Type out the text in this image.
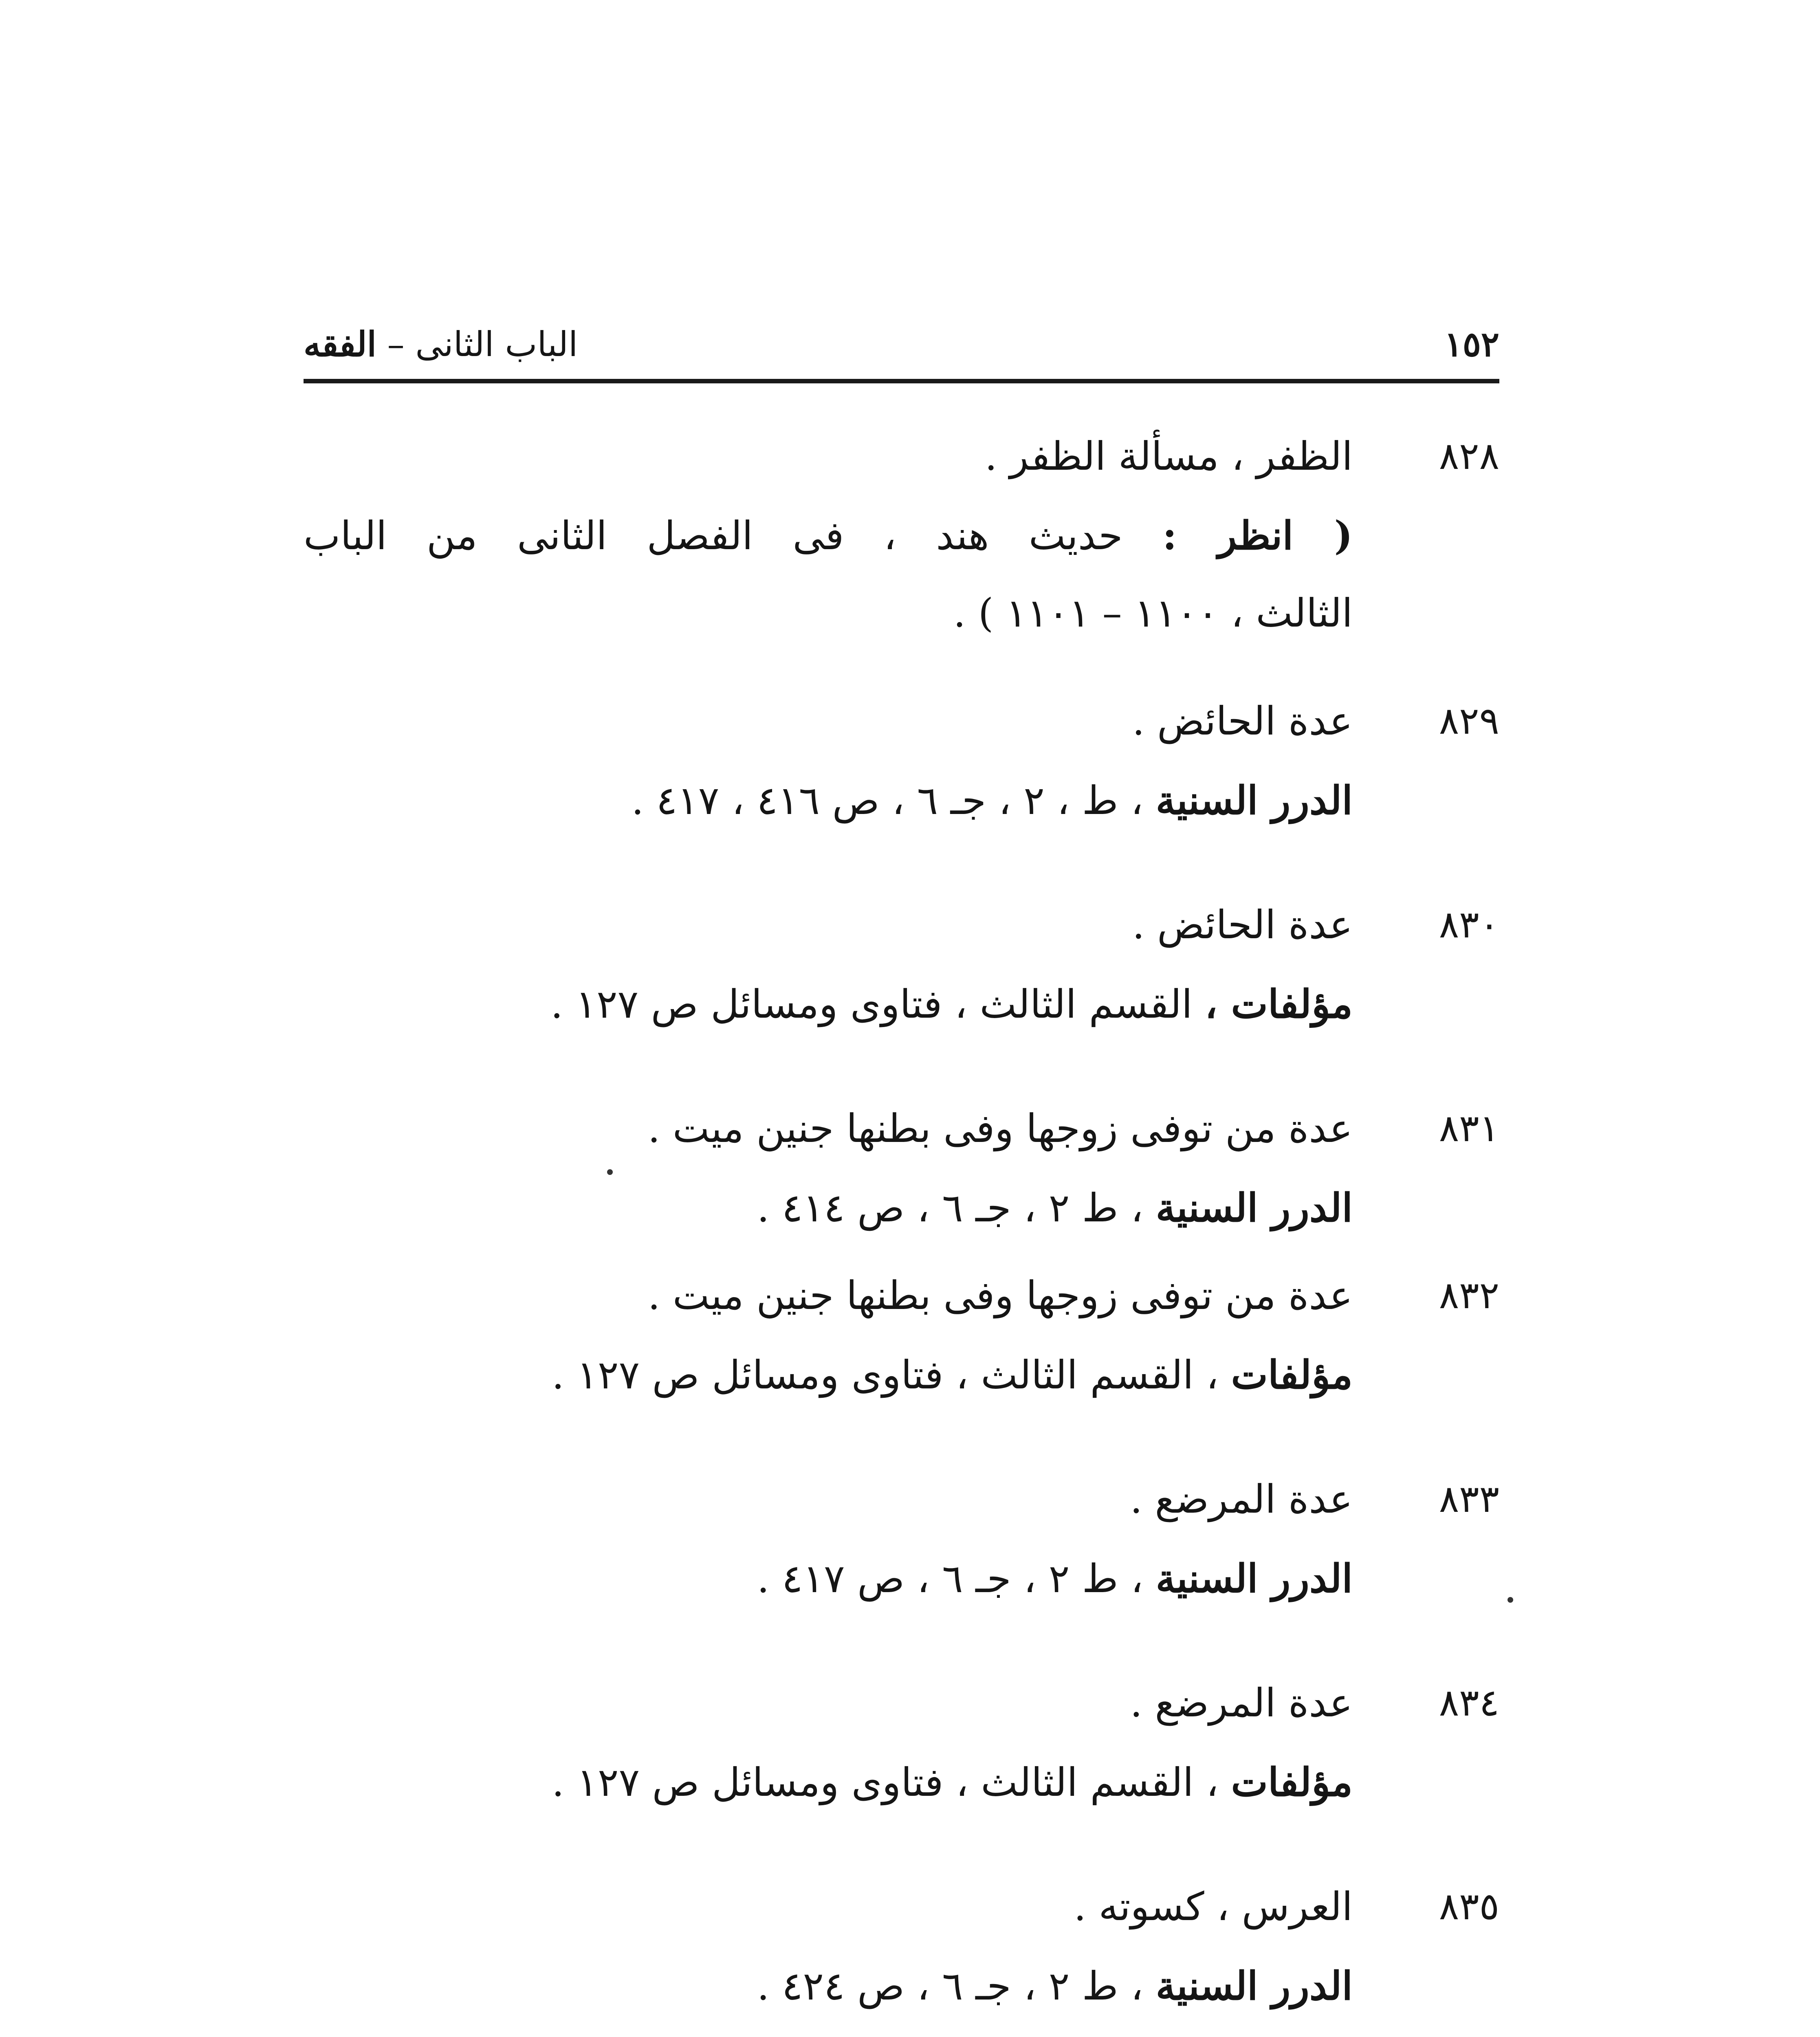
١٥٢
الباب الثانى – الفقه
٨٢٨
الظفر ، مسألة الظفر .
( انظر : حديث هند ، فى الفصل الثانى من الباب
الثالث ، ١١٠٠ – ١١٠١ ) .
٨٢٩
عدة الحائض .
الدرر السنية ، ط ، ٢ ، جـ ٦ ، ص ٤١٦ ، ٤١٧ .
٨٣٠
عدة الحائض .
مؤلفات ، القسم الثالث ، فتاوى ومسائل ص ١٢٧ .
٨٣١
عدة من توفى زوجها وفى بطنها جنين ميت .
الدرر السنية ، ط ٢ ، جـ ٦ ، ص ٤١٤ .
٨٣٢
عدة من توفى زوجها وفى بطنها جنين ميت .
مؤلفات ، القسم الثالث ، فتاوى ومسائل ص ١٢٧ .
٨٣٣
عدة المرضع .
الدرر السنية ، ط ٢ ، جـ ٦ ، ص ٤١٧ .
٨٣٤
عدة المرضع .
مؤلفات ، القسم الثالث ، فتاوى ومسائل ص ١٢٧ .
٨٣٥
العرس ، كسوته .
الدرر السنية ، ط ٢ ، جـ ٦ ، ص ٤٢٤ .
